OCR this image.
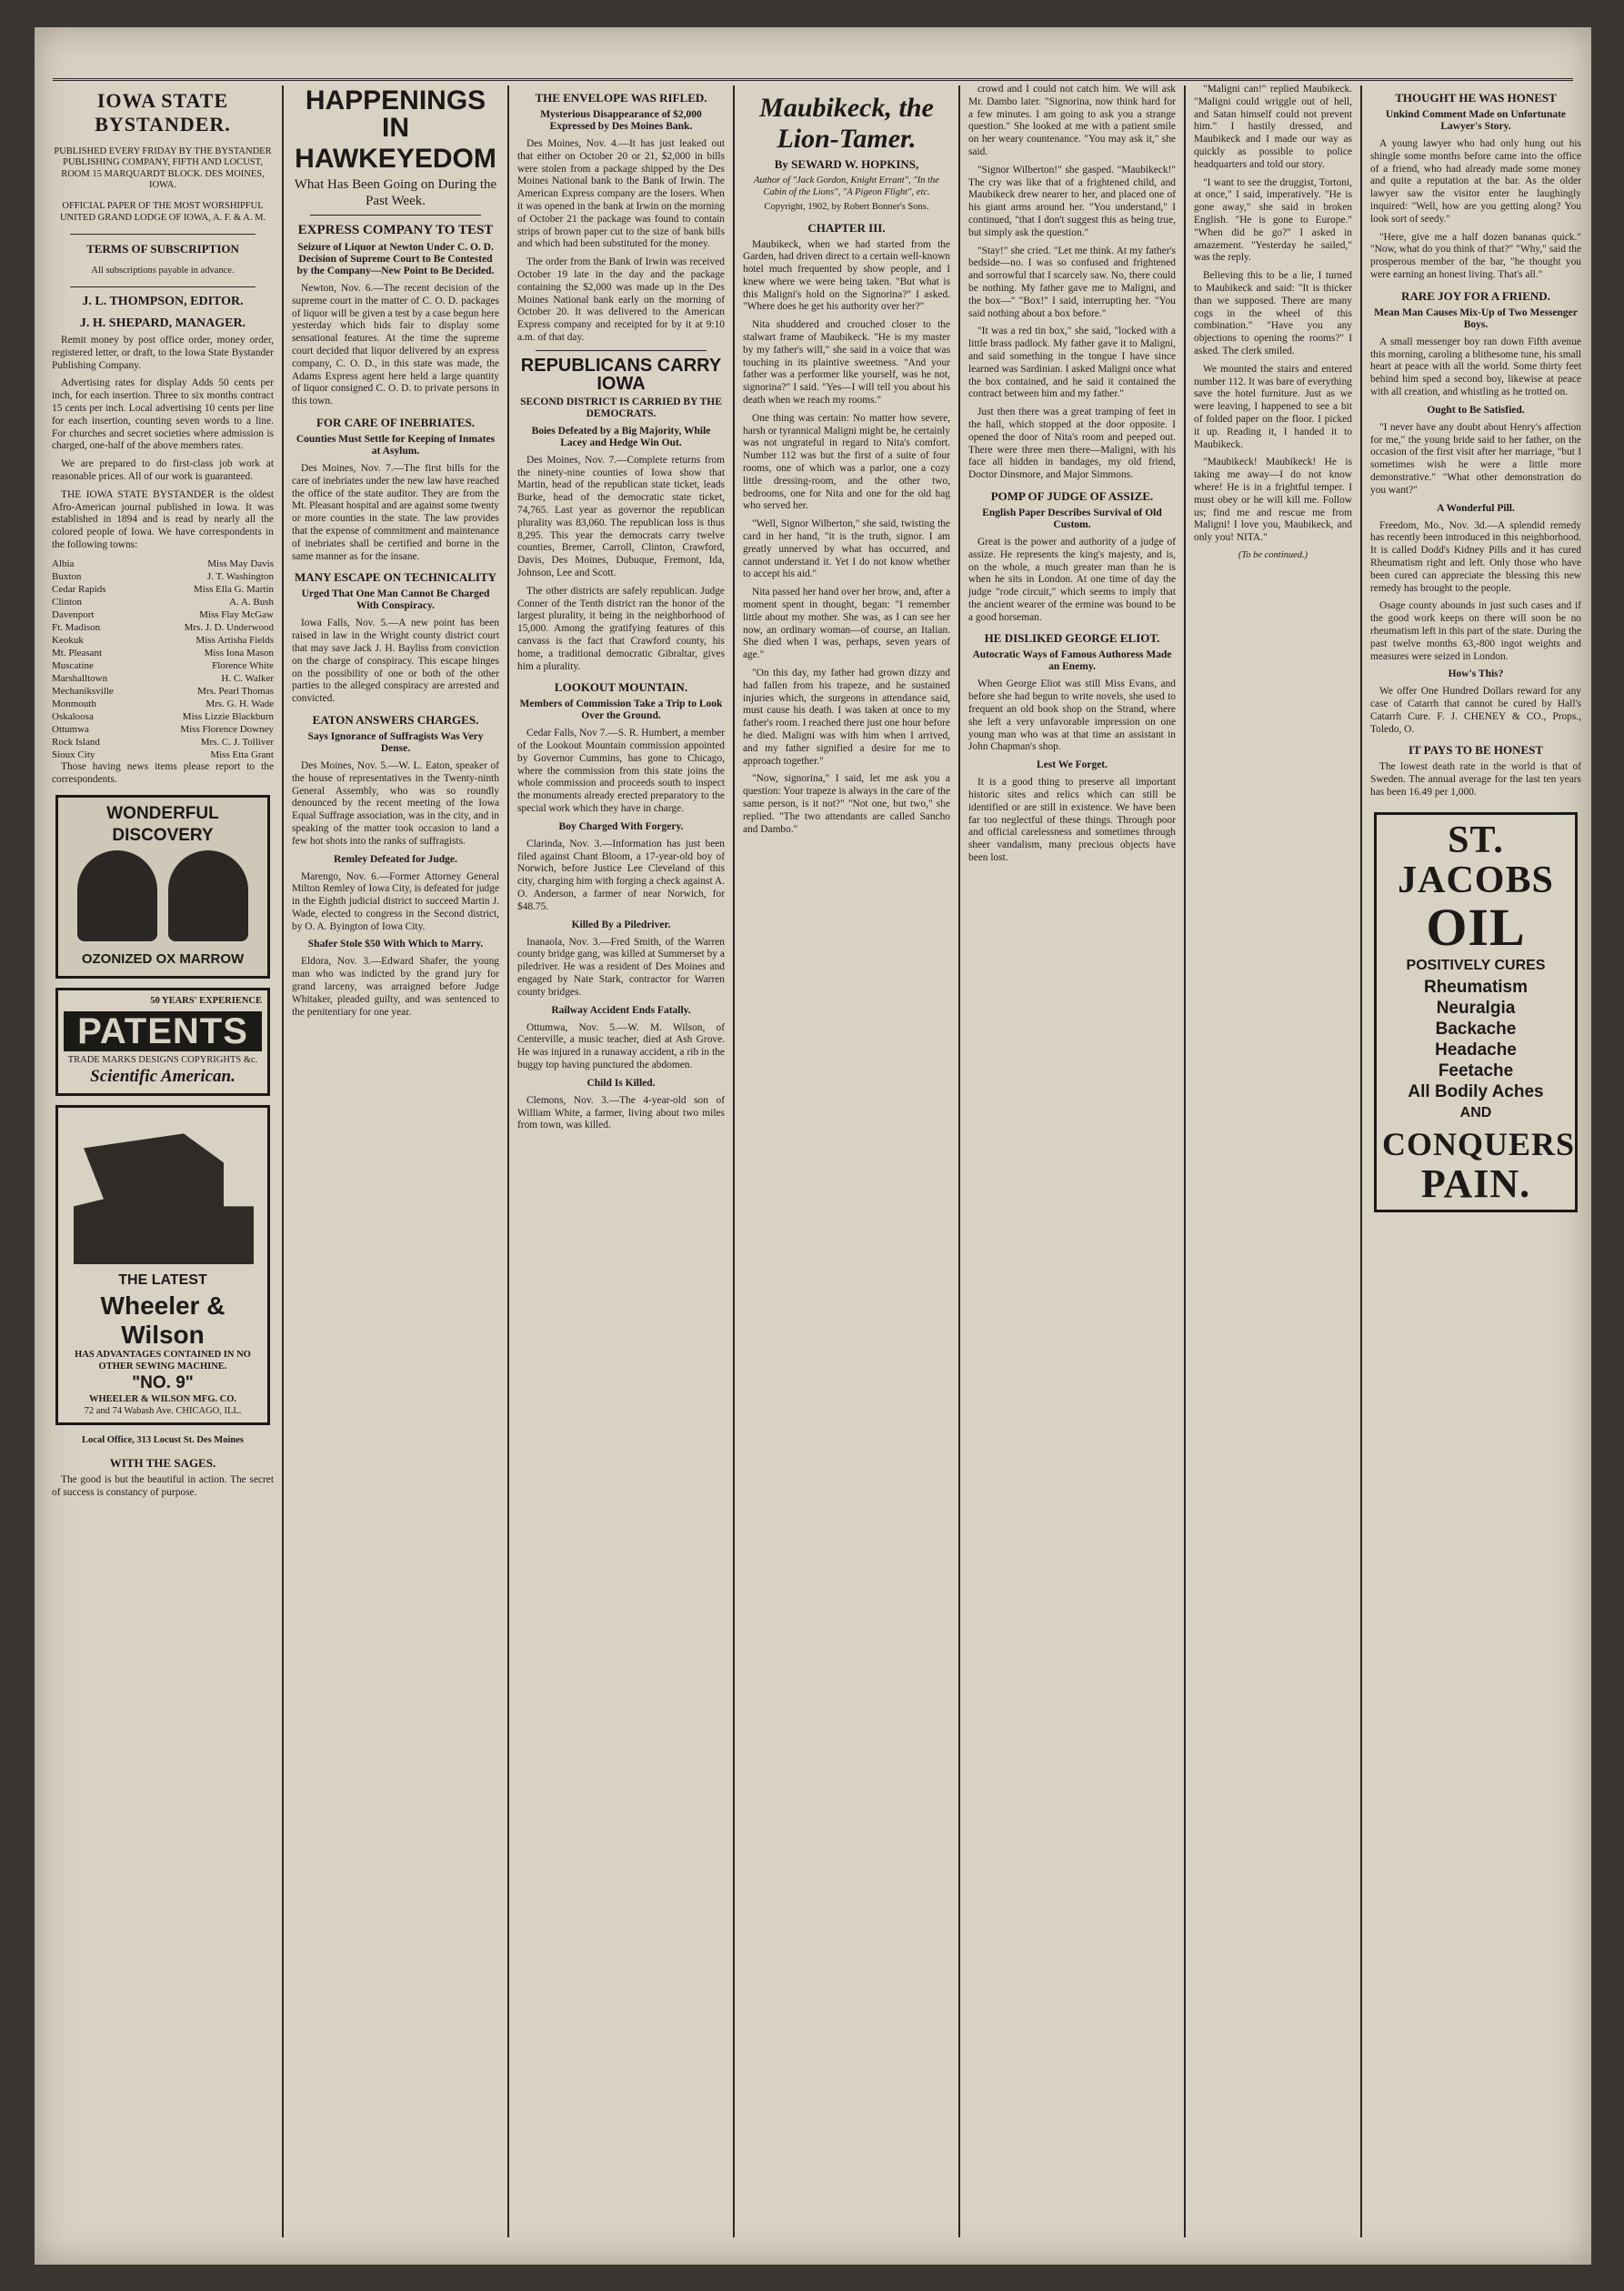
IOWA STATE BYSTANDER.

PUBLISHED EVERY FRIDAY BY THE BYSTANDER PUBLISHING COMPANY, FIFTH AND LOCUST, ROOM 15 MARQUARDT BLOCK. DES MOINES, IOWA.

OFFICIAL PAPER OF THE MOST WORSHIPFUL UNITED GRAND LODGE OF IOWA, A. F. & A. M.

TERMS OF SUBSCRIPTION

All subscriptions payable in advance.

J. L. THOMPSON, EDITOR.
J. H. SHEPARD, MANAGER.

Remit money by post office order, money order, registered letter, or draft, to the Iowa State Bystander Publishing Company.

Advertising rates for display Adds 50 cents per inch, for each insertion. Three to six months contract 15 cents per inch. Local advertising 10 cents per line for each insertion, counting seven words to a line. For churches and secret societies where admission is charged, one-half of the above members rates.

We are prepared to do first-class job work at reasonable prices. All of our work is guaranteed.

THE IOWA STATE BYSTANDER is the oldest Afro-American journal published in Iowa. It was established in 1894 and is read by nearly all the colored people of Iowa. We have correspondents in the following towns:

Albia	Miss May Davis
Buxton	J. T. Washington
Cedar Rapids	Miss Ella G. Martin
Clinton	A. A. Bush
Davenport	Miss Flay McGaw
Ft. Madison	Mrs. J. D. Underwood
Keokuk	Miss Artisha Fields
Mt. Pleasant	Miss Iona Mason
Muscatine	Florence White
Marshalltown	H. C. Walker
Mechaniksville	Mrs. Pearl Thomas
Monmouth	Mrs. G. H. Wade
Oskaloosa	Miss Lizzie Blackburn
Ottumwa	Miss Florence Downey
Rock Island	Mrs. C. J. Tolliver
Sioux City	Miss Etta Grant

Those having news items please report to the correspondents.

WONDERFUL DISCOVERY
OZONIZED OX MARROW
50 YEARS' EXPERIENCE
PATENTS
TRADE MARKS DESIGNS COPYRIGHTS &c.
Scientific American.
THE LATEST
Wheeler & Wilson
HAS ADVANTAGES CONTAINED IN NO OTHER SEWING MACHINE.
"NO. 9"
WHEELER & WILSON MFG. CO.
72 and 74 Wabash Ave. CHICAGO, ILL.

Local Office, 313 Locust St. Des Moines

WITH THE SAGES.

The good is but the beautiful in action. The secret of success is constancy of purpose.

HAPPENINGS IN
HAWKEYEDOM
What Has Been Going on During the Past Week.
EXPRESS COMPANY TO TEST
Seizure of Liquor at Newton Under C. O. D. Decision of Supreme Court to Be Contested by the Company—New Point to Be Decided.

Newton, Nov. 6.—The recent decision of the supreme court in the matter of C. O. D. packages of liquor will be given a test by a case begun here yesterday which bids fair to display some sensational features. At the time the supreme court decided that liquor delivered by an express company, C. O. D., in this state was made, the Adams Express agent here held a large quantity of liquor consigned C. O. D. to private persons in this town.

FOR CARE OF INEBRIATES.
Counties Must Settle for Keeping of Inmates at Asylum.

Des Moines, Nov. 7.—The first bills for the care of inebriates under the new law have reached the office of the state auditor. They are from the Mt. Pleasant hospital and are against some twenty or more counties in the state. The law provides that the expense of commitment and maintenance of inebriates shall be certified and borne in the same manner as for the insane.

MANY ESCAPE ON TECHNICALITY
Urged That One Man Cannot Be Charged With Conspiracy.

Iowa Falls, Nov. 5.—A new point has been raised in law in the Wright county district court that may save Jack J. H. Bayliss from conviction on the charge of conspiracy. This escape hinges on the possibility of one or both of the other parties to the alleged conspiracy are arrested and convicted.

EATON ANSWERS CHARGES.
Says Ignorance of Suffragists Was Very Dense.

Des Moines, Nov. 5.—W. L. Eaton, speaker of the house of representatives in the Twenty-ninth General Assembly, who was so roundly denounced by the recent meeting of the Iowa Equal Suffrage association, was in the city, and in speaking of the matter took occasion to land a few hot shots into the ranks of suffragists.

Remley Defeated for Judge.

Marengo, Nov. 6.—Former Attorney General Milton Remley of Iowa City, is defeated for judge in the Eighth judicial district to succeed Martin J. Wade, elected to congress in the Second district, by O. A. Byington of Iowa City.

Shafer Stole $50 With Which to Marry.

Eldora, Nov. 3.—Edward Shafer, the young man who was indicted by the grand jury for grand larceny, was arraigned before Judge Whitaker, pleaded guilty, and was sentenced to the penitentiary for one year.

THE ENVELOPE WAS RIFLED.
Mysterious Disappearance of $2,000 Expressed by Des Moines Bank.

Des Moines, Nov. 4.—It has just leaked out that either on October 20 or 21, $2,000 in bills were stolen from a package shipped by the Des Moines National bank to the Bank of Irwin. The American Express company are the losers. When it was opened in the bank at Irwin on the morning of October 21 the package was found to contain strips of brown paper cut to the size of bank bills and which had been substituted for the money.

The order from the Bank of Irwin was received October 19 late in the day and the package containing the $2,000 was made up in the Des Moines National bank early on the morning of October 20. It was delivered to the American Express company and receipted for by it at 9:10 a.m. of that day.

REPUBLICANS CARRY IOWA
SECOND DISTRICT IS CARRIED BY THE DEMOCRATS.
Boies Defeated by a Big Majority, While Lacey and Hedge Win Out.

Des Moines, Nov. 7.—Complete returns from the ninety-nine counties of Iowa show that Martin, head of the republican state ticket, leads Burke, head of the democratic state ticket, 74,765. Last year as governor the republican plurality was 83,060. The republican loss is thus 8,295. This year the democrats carry twelve counties, Bremer, Carroll, Clinton, Crawford, Davis, Des Moines, Dubuque, Fremont, Ida, Johnson, Lee and Scott.

The other districts are safely republican. Judge Conner of the Tenth district ran the honor of the largest plurality, it being in the neighborhood of 15,000. Among the gratifying features of this canvass is the fact that Crawford county, his home, a traditional democratic Gibraltar, gives him a plurality.

LOOKOUT MOUNTAIN.
Members of Commission Take a Trip to Look Over the Ground.

Cedar Falls, Nov 7.—S. R. Humbert, a member of the Lookout Mountain commission appointed by Governor Cummins, has gone to Chicago, where the commission from this state joins the whole commission and proceeds south to inspect the monuments already erected preparatory to the special work which they have in charge.

Boy Charged With Forgery.

Clarinda, Nov. 3.—Information has just been filed against Chant Bloom, a 17-year-old boy of Norwich, before Justice Lee Cleveland of this city, charging him with forging a check against A. O. Anderson, a farmer of near Norwich, for $48.75.

Killed By a Piledriver.

Inanaola, Nov. 3.—Fred Smith, of the Warren county bridge gang, was killed at Summerset by a piledriver. He was a resident of Des Moines and engaged by Nate Stark, contractor for Warren county bridges.

Railway Accident Ends Fatally.

Ottumwa, Nov. 5.—W. M. Wilson, of Centerville, a music teacher, died at Ash Grove. He was injured in a runaway accident, a rib in the buggy top having punctured the abdomen.

Child Is Killed.

Clemons, Nov. 3.—The 4-year-old son of William White, a farmer, living about two miles from town, was killed.

Maubikeck, the Lion-Tamer.
By SEWARD W. HOPKINS,
Author of "Jack Gordon, Knight Errant", "In the Cabin of the Lions", "A Pigeon Flight", etc.
Copyright, 1902, by Robert Bonner's Sons.
CHAPTER III.

Maubikeck, when we had started from the Garden, had driven direct to a certain well-known hotel much frequented by show people, and I knew where we were being taken. "But what is this Maligni's hold on the Signorina?" I asked. "Where does he get his authority over her?"

Nita shuddered and crouched closer to the stalwart frame of Maubikeck. "He is my master by my father's will," she said in a voice that was touching in its plaintive sweetness. "And your father was a performer like yourself, was he not, signorina?" I said. "Yes—I will tell you about his death when we reach my rooms."

One thing was certain: No matter how severe, harsh or tyrannical Maligni might be, he certainly was not ungrateful in regard to Nita's comfort. Number 112 was but the first of a suite of four rooms, one of which was a parlor, one a cozy little dressing-room, and the other two, bedrooms, one for Nita and one for the old hag who served her.

"Well, Signor Wilberton," she said, twisting the card in her hand, "it is the truth, signor. I am greatly unnerved by what has occurred, and cannot understand it. Yet I do not know whether to accept his aid."

Nita passed her hand over her brow, and, after a moment spent in thought, began: "I remember little about my mother. She was, as I can see her now, an ordinary woman—of course, an Italian. She died when I was, perhaps, seven years of age."

"On this day, my father had grown dizzy and had fallen from his trapeze, and he sustained injuries which, the surgeons in attendance said, must cause his death. I was taken at once to my father's room. I reached there just one hour before he died. Maligni was with him when I arrived, and my father signified a desire for me to approach together."

"Now, signorina," I said, let me ask you a question: Your trapeze is always in the care of the same person, is it not?" "Not one, but two," she replied. "The two attendants are called Sancho and Dambo."

crowd and I could not catch him. We will ask Mr. Dambo later. "Signorina, now think hard for a few minutes. I am going to ask you a strange question." She looked at me with a patient smile on her weary countenance. "You may ask it," she said.

"Signor Wilberton!" she gasped. "Maubikeck!" The cry was like that of a frightened child, and Maubikeck drew nearer to her, and placed one of his giant arms around her. "You understand," I continued, "that I don't suggest this as being true, but simply ask the question."

"Stay!" she cried. "Let me think. At my father's bedside—no. I was so confused and frightened and sorrowful that I scarcely saw. No, there could be nothing. My father gave me to Maligni, and the box—" "Box!" I said, interrupting her. "You said nothing about a box before."

"It was a red tin box," she said, "locked with a little brass padlock. My father gave it to Maligni, and said something in the tongue I have since learned was Sardinian. I asked Maligni once what the box contained, and he said it contained the contract between him and my father."

Just then there was a great tramping of feet in the hall, which stopped at the door opposite. I opened the door of Nita's room and peeped out. There were three men there—Maligni, with his face all hidden in bandages, my old friend, Doctor Dinsmore, and Major Simmons.

POMP OF JUDGE OF ASSIZE.
English Paper Describes Survival of Old Custom.

Great is the power and authority of a judge of assize. He represents the king's majesty, and is, on the whole, a much greater man than he is when he sits in London. At one time of day the judge "rode circuit," which seems to imply that the ancient wearer of the ermine was bound to be a good horseman.

HE DISLIKED GEORGE ELIOT.
Autocratic Ways of Famous Authoress Made an Enemy.

When George Eliot was still Miss Evans, and before she had begun to write novels, she used to frequent an old book shop on the Strand, where she left a very unfavorable impression on one young man who was at that time an assistant in John Chapman's shop.

Lest We Forget.

It is a good thing to preserve all important historic sites and relics which can still be identified or are still in existence. We have been far too neglectful of these things. Through poor and official carelessness and sometimes through sheer vandalism, many precious objects have been lost.

"Maligni can!" replied Maubikeck. "Maligni could wriggle out of hell, and Satan himself could not prevent him." I hastily dressed, and Maubikeck and I made our way as quickly as possible to police headquarters and told our story.

"I want to see the druggist, Tortoni, at once," I said, imperatively. "He is gone away," she said in broken English. "He is gone to Europe." "When did he go?" I asked in amazement. "Yesterday he sailed," was the reply.

Believing this to be a lie, I turned to Maubikeck and said: "It is thicker than we supposed. There are many cogs in the wheel of this combination." "Have you any objections to opening the rooms?" I asked. The clerk smiled.

We mounted the stairs and entered number 112. It was bare of everything save the hotel furniture. Just as we were leaving, I happened to see a bit of folded paper on the floor. I picked it up. Reading it, I handed it to Maubikeck.

"Maubikeck! Maubikeck! He is taking me away—I do not know where! He is in a frightful temper. I must obey or he will kill me. Follow us; find me and rescue me from Maligni! I love you, Maubikeck, and only you! NITA."

(To be continued.)
THOUGHT HE WAS HONEST
Unkind Comment Made on Unfortunate Lawyer's Story.

A young lawyer who had only hung out his shingle some months before came into the office of a friend, who had already made some money and quite a reputation at the bar. As the older lawyer saw the visitor enter he laughingly inquired: "Well, how are you getting along? You look sort of seedy."

"Here, give me a half dozen bananas quick." "Now, what do you think of that?" "Why," said the prosperous member of the bar, "he thought you were earning an honest living. That's all."

RARE JOY FOR A FRIEND.
Mean Man Causes Mix-Up of Two Messenger Boys.

A small messenger boy ran down Fifth avenue this morning, caroling a blithesome tune, his small heart at peace with all the world. Some thirty feet behind him sped a second boy, likewise at peace with all creation, and whistling as he trotted on.

Ought to Be Satisfied.

"I never have any doubt about Henry's affection for me," the young bride said to her father, on the occasion of the first visit after her marriage, "but I sometimes wish he were a little more demonstrative." "What other demonstration do you want?"

A Wonderful Pill.

Freedom, Mo., Nov. 3d.—A splendid remedy has recently been introduced in this neighborhood. It is called Dodd's Kidney Pills and it has cured Rheumatism right and left. Only those who have been cured can appreciate the blessing this new remedy has brought to the people.

Osage county abounds in just such cases and if the good work keeps on there will soon be no rheumatism left in this part of the state. During the past twelve months 63,-800 ingot weights and measures were seized in London.

How's This?

We offer One Hundred Dollars reward for any case of Catarrh that cannot be cured by Hall's Catarrh Cure. F. J. CHENEY & CO., Props., Toledo, O.

IT PAYS TO BE HONEST

The lowest death rate in the world is that of Sweden. The annual average for the last ten years has been 16.49 per 1,000.

ST. JACOBS
OIL
POSITIVELY CURES
Rheumatism
Neuralgia
Backache
Headache
Feetache
All Bodily Aches
AND
CONQUERS
PAIN.
